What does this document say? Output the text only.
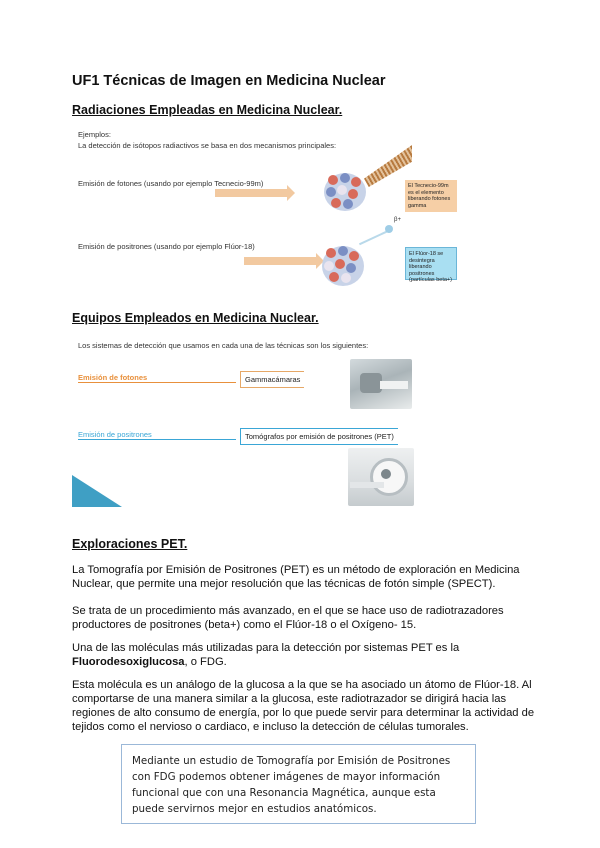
UF1 Técnicas de Imagen en Medicina Nuclear
Radiaciones Empleadas en Medicina Nuclear.
Ejemplos:
La detección de isótopos radiactivos se basa en dos mecanismos principales:
Emisión de fotones (usando por ejemplo Tecnecio-99m)	El Tecnecio-99m es el elemento liberando fotones gamma
Emisión de positrones (usando por ejemplo Flúor-18)
β+
El Flúor-18 se desintegra liberando positrones (partículas beta+)
Equipos Empleados en Medicina Nuclear.
Los sistemas de detección que usamos en cada una de las técnicas son los siguientes:
Emisión de fotones	Gammacámaras
Emisión de positrones	Tomógrafos por emisión de positrones (PET)
Exploraciones PET.
La Tomografía por Emisión de Positrones (PET) es un método de exploración en Medicina Nuclear, que permite una mejor resolución que las técnicas de fotón simple (SPECT).
Se trata de un procedimiento más avanzado, en el que se hace uso de radiotrazadores productores de positrones (beta+) como el Flúor-18 o el Oxígeno- 15.
Una de las moléculas más utilizadas para la detección por sistemas PET es la Fluorodesoxiglucosa, o FDG.
Esta molécula es un análogo de la glucosa a la que se ha asociado un átomo de Flúor-18. Al comportarse de una manera similar a la glucosa, este radiotrazador se dirigirá hacia las regiones de alto consumo de energía, por lo que puede servir para determinar la actividad de tejidos como el nervioso o cardiaco, e incluso la detección de células tumorales.
Mediante un estudio de Tomografía por Emisión de Positrones con FDG podemos obtener imágenes de mayor información funcional que con una Resonancia Magnética, aunque esta puede servirnos mejor en estudios anatómicos.
